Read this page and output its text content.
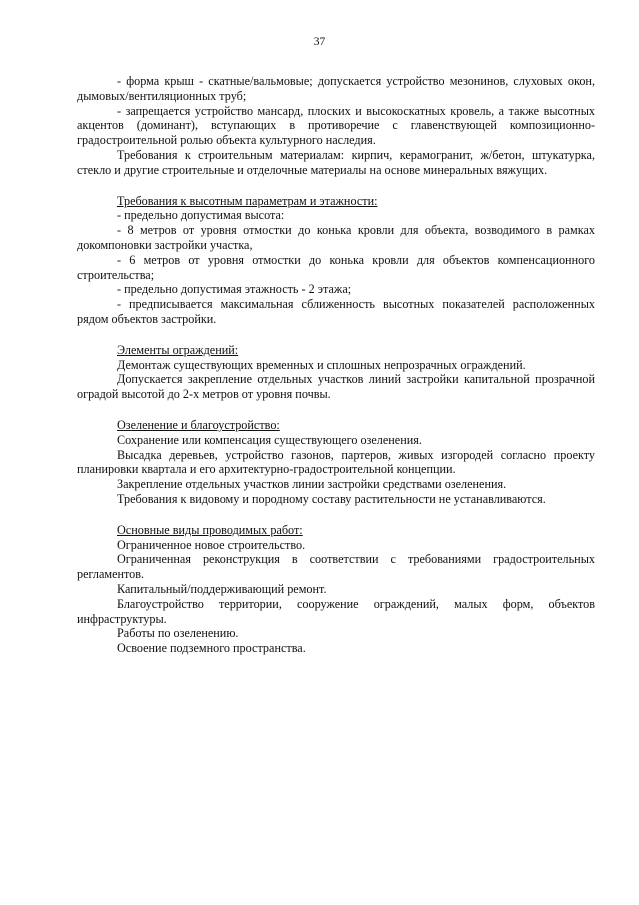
37

- форма крыш - скатные/вальмовые; допускается устройство мезонинов, слуховых окон, дымовых/вентиляционных труб;

- запрещается устройство мансард, плоских и высокоскатных кровель, а также высотных акцентов (доминант), вступающих в противоречие с главенствующей композиционно-градостроительной ролью объекта культурного наследия.

Требования к строительным материалам: кирпич, керамогранит, ж/бетон, штукатурка, стекло и другие строительные и отделочные материалы на основе минеральных вяжущих.

Требования к высотным параметрам и этажности:

- предельно допустимая высота:

- 8 метров от уровня отмостки до конька кровли для объекта, возводимого в рамках докомпоновки застройки участка,

- 6 метров от уровня отмостки до конька кровли для объектов компенсационного строительства;

- предельно допустимая этажность - 2 этажа;

- предписывается максимальная сближенность высотных показателей расположенных рядом объектов застройки.

Элементы ограждений:

Демонтаж существующих временных и сплошных непрозрачных ограждений.

Допускается закрепление отдельных участков линий застройки капитальной прозрачной оградой высотой до 2-х метров от уровня почвы.

Озеленение и благоустройство:

Сохранение или компенсация существующего озеленения.

Высадка деревьев, устройство газонов, партеров, живых изгородей согласно проекту планировки квартала и его архитектурно-градостроительной концепции.

Закрепление отдельных участков линии застройки средствами озеленения.

Требования к видовому и породному составу растительности не устанавливаются.

Основные виды проводимых работ:

Ограниченное новое строительство.

Ограниченная реконструкция в соответствии с требованиями градостроительных регламентов.

Капитальный/поддерживающий ремонт.

Благоустройство территории, сооружение ограждений, малых форм, объектов инфраструктуры.

Работы по озеленению.

Освоение подземного пространства.
